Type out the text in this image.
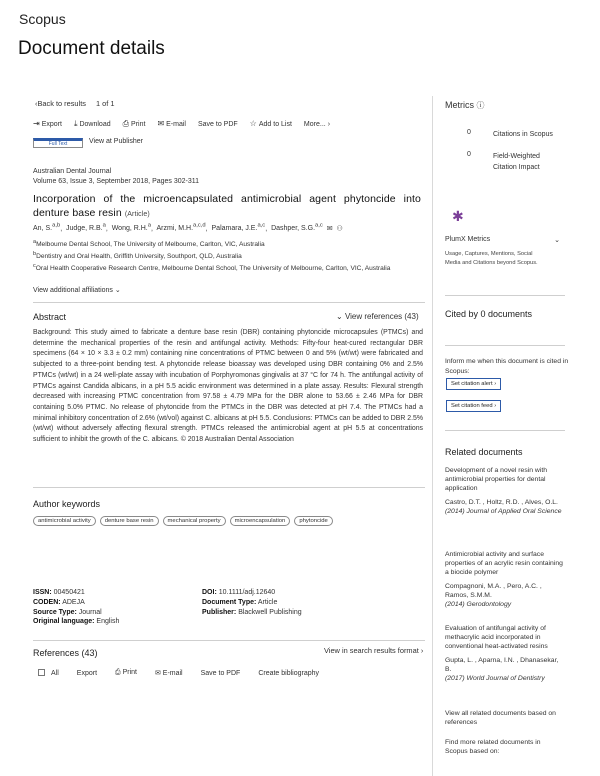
Scopus
Document details
‹Back to results 1 of 1
⇥ Export ⤓ Download ⎙ Print ✉ E-mail Save to PDF ☆ Add to List More... ›
Full Text	View at Publisher
Australian Dental Journal
Volume 63, Issue 3, September 2018, Pages 302-311
Incorporation of the microencapsulated antimicrobial agent phytoncide into denture base resin (Article)
An, S.$^{a,b}$,  Judge, R.B.$^a$,  Wong, R.H.$^a$,  Arzmi, M.H.$^{a,c,d}$,  Palamara, J.E.$^{a,c}$,  Dashper, S.G.$^{a,c}$  ✉  ⚇
$^a$Melbourne Dental School, The University of Melbourne, Carlton, VIC, Australia
$^b$Dentistry and Oral Health, Griffith University, Southport, QLD, Australia
$^c$Oral Health Cooperative Research Centre, Melbourne Dental School, The University of Melbourne, Carlton, VIC, Australia
View additional affiliations ⌄
Abstract	⌄ View references (43)
Background: This study aimed to fabricate a denture base resin (DBR) containing phytoncide microcapsules (PTMCs) and determine the mechanical properties of the resin and antifungal activity. Methods: Fifty-four heat-cured rectangular DBR specimens (64 × 10 × 3.3 ± 0.2 mm) containing nine concentrations of PTMC between 0 and 5% (wt/wt) were fabricated and subjected to a three-point bending test. A phytoncide release bioassay was developed using DBR containing 0% and 2.5% PTMCs (wt/wt) in a 24 well-plate assay with incubation of Porphyromonas gingivalis at 37 °C for 74 h. The antifungal activity of PTMCs against Candida albicans, in a pH 5.5 acidic environment was determined in a plate assay. Results: Flexural strength decreased with increasing PTMC concentration from 97.58 ± 4.79 MPa for the DBR alone to 53.66 ± 2.46 MPa for DBR containing 5.0% PTMC. No release of phytoncide from the PTMCs in the DBR was detected at pH 7.4. The PTMCs had a minimal inhibitory concentration of 2.6% (wt/vol) against C. albicans at pH 5.5. Conclusions: PTMCs can be added to DBR 2.5% (wt/wt) without adversely affecting flexural strength. PTMCs released the antimicrobial agent at pH 5.5 at concentrations sufficient to inhibit the growth of the C. albicans. © 2018 Australian Dental Association
Author keywords
antimicrobial activity	denture base resin	mechanical property	microencapsulation	phytoncide
ISSN: 00450421
CODEN: ADEJA
Source Type: Journal
Original language: English
DOI: 10.1111/adj.12640
Document Type: Article
Publisher: Blackwell Publishing
References (43)	View in search results format ›
All	Export	⎙ Print	✉ E-mail	Save to PDF	Create bibliography
Metrics ⓘ
0	Citations in Scopus
0	Field-Weighted Citation Impact
✱
PlumX Metrics	⌄
Usage, Captures, Mentions, Social Media and Citations beyond Scopus.
Cited by 0 documents
Inform me when this document is cited in Scopus:
Set citation alert ›
Set citation feed ›
Related documents
Development of a novel resin with antimicrobial properties for dental application
Castro, D.T. , Holtz, R.D. , Alves, O.L.
(2014) Journal of Applied Oral Science
Antimicrobial activity and surface properties of an acrylic resin containing a biocide polymer
Compagnoni, M.A. , Pero, A.C. , Ramos, S.M.M.
(2014) Gerodontology
Evaluation of antifungal activity of methacrylic acid incorporated in conventional heat-activated resins
Gupta, L. , Aparna, I.N. , Dhanasekar, B.
(2017) World Journal of Dentistry
View all related documents based on references
Find more related documents in Scopus based on:
